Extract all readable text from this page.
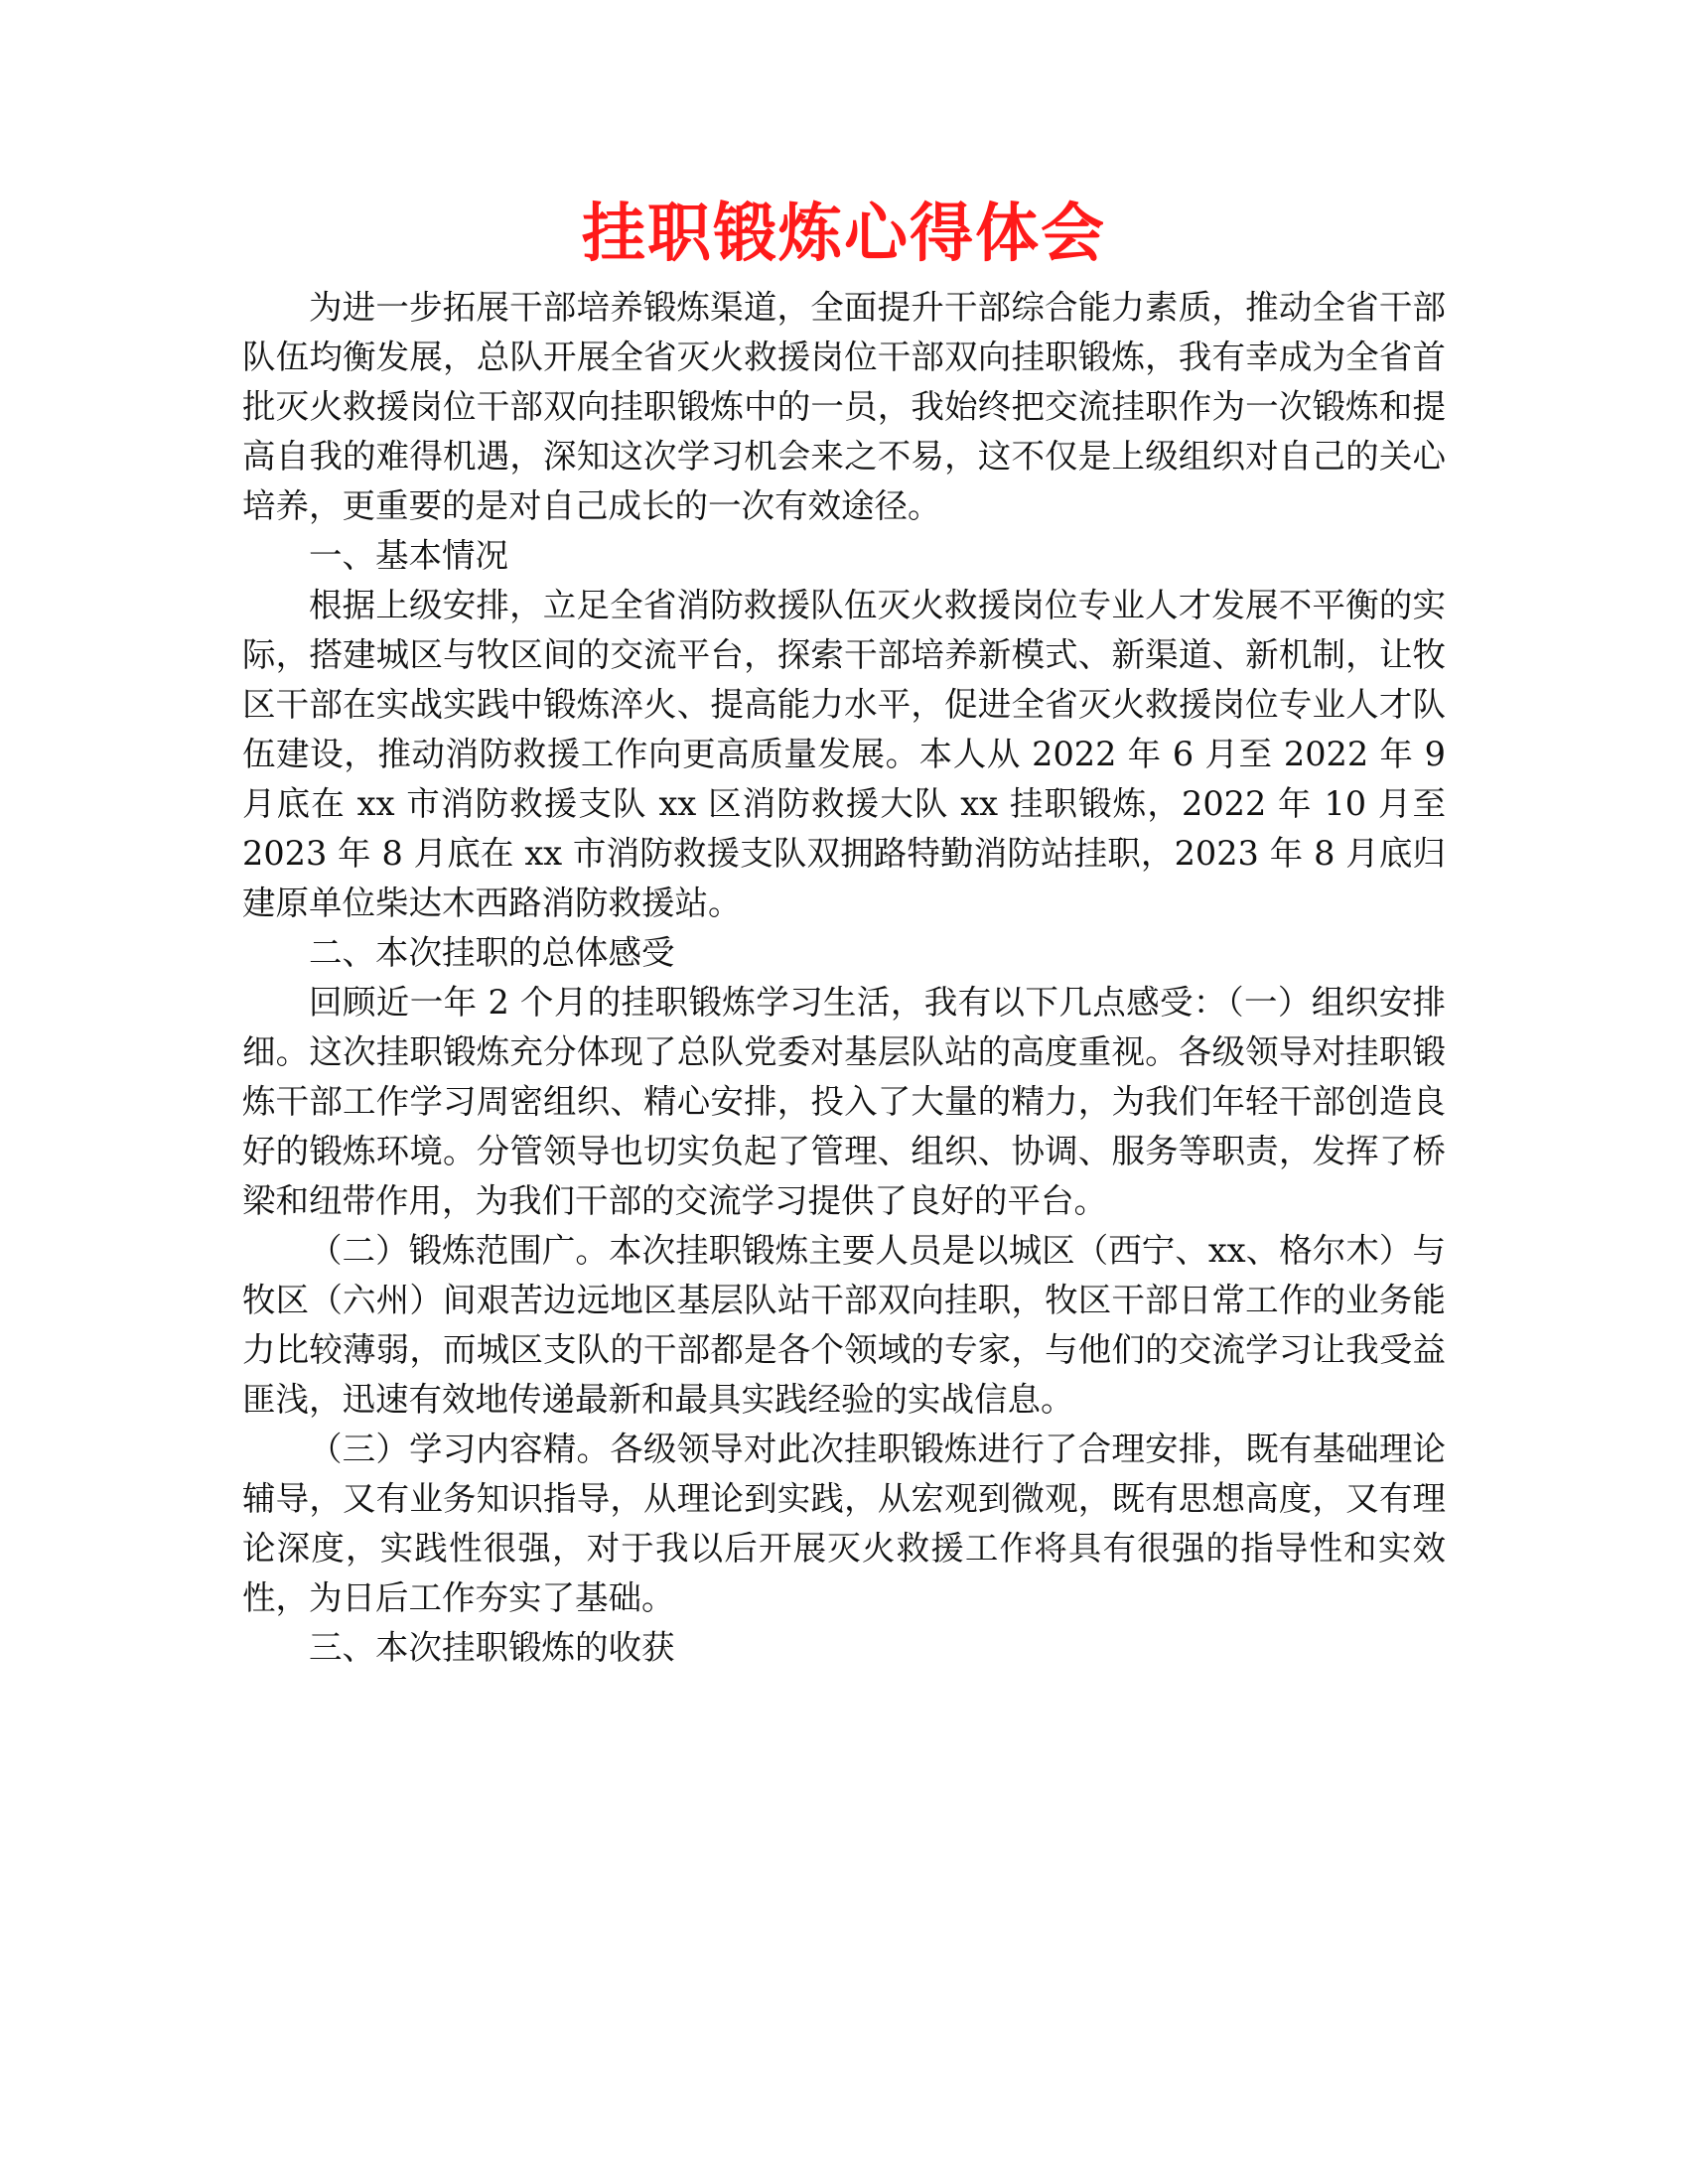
挂职锻炼心得体会

为进一步拓展干部培养锻炼渠道，全面提升干部综合能力素质，推动全省干部队伍均衡发展，总队开展全省灭火救援岗位干部双向挂职锻炼，我有幸成为全省首批灭火救援岗位干部双向挂职锻炼中的一员，我始终把交流挂职作为一次锻炼和提高自我的难得机遇，深知这次学习机会来之不易，这不仅是上级组织对自己的关心培养，更重要的是对自己成长的一次有效途径。

一、基本情况

根据上级安排，立足全省消防救援队伍灭火救援岗位专业人才发展不平衡的实际，搭建城区与牧区间的交流平台，探索干部培养新模式、新渠道、新机制，让牧区干部在实战实践中锻炼淬火、提高能力水平，促进全省灭火救援岗位专业人才队伍建设，推动消防救援工作向更高质量发展。本人从 2022 年 6 月至 2022 年 9 月底在 xx 市消防救援支队 xx 区消防救援大队 xx 挂职锻炼，2022 年 10 月至 2023 年 8 月底在 xx 市消防救援支队双拥路特勤消防站挂职，2023 年 8 月底归建原单位柴达木西路消防救援站。

二、本次挂职的总体感受

回顾近一年 2 个月的挂职锻炼学习生活，我有以下几点感受：（一）组织安排细。这次挂职锻炼充分体现了总队党委对基层队站的高度重视。各级领导对挂职锻炼干部工作学习周密组织、精心安排，投入了大量的精力，为我们年轻干部创造良好的锻炼环境。分管领导也切实负起了管理、组织、协调、服务等职责，发挥了桥梁和纽带作用，为我们干部的交流学习提供了良好的平台。

（二）锻炼范围广。本次挂职锻炼主要人员是以城区（西宁、xx、格尔木）与牧区（六州）间艰苦边远地区基层队站干部双向挂职，牧区干部日常工作的业务能力比较薄弱，而城区支队的干部都是各个领域的专家，与他们的交流学习让我受益匪浅，迅速有效地传递最新和最具实践经验的实战信息。

（三）学习内容精。各级领导对此次挂职锻炼进行了合理安排，既有基础理论辅导，又有业务知识指导，从理论到实践，从宏观到微观，既有思想高度，又有理论深度，实践性很强，对于我以后开展灭火救援工作将具有很强的指导性和实效性，为日后工作夯实了基础。

三、本次挂职锻炼的收获
